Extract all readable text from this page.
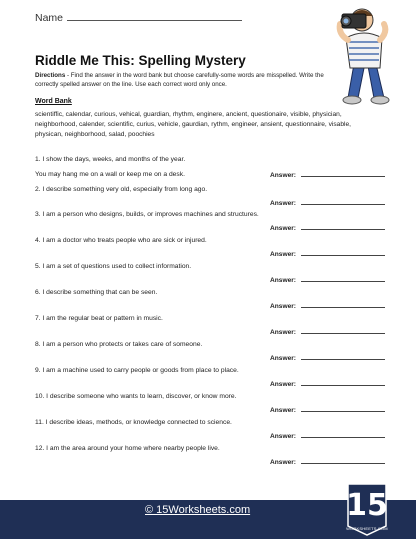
Name
Riddle Me This: Spelling Mystery
Directions - Find the answer in the word bank but choose carefully-some words are misspelled. Write the correctly spelled answer on the line. Use each correct word only once.
Word Bank
scientiffic, calendar, curious, vehical, guardian, rhythm, enginere, ancient, questionaire, visible, physician, neighborhood, calender, scientific, curius, vehicle, gaurdian, rythm, engineer, ansient, questionnaire, visable, physican, neighborhood, salad, poochies
1. I show the days, weeks, and months of the year.
You may hang me on a wall or keep me on a desk.	Answer:
2. I describe something very old, especially from long ago.
Answer:
3. I am a person who designs, builds, or improves machines and structures.
Answer:
4. I am a doctor who treats people who are sick or injured.
Answer:
5. I am a set of questions used to collect information.
Answer:
6. I describe something that can be seen.
Answer:
7. I am the regular beat or pattern in music.
Answer:
8. I am a person who protects or takes care of someone.
Answer:
9. I am a machine used to carry people or goods from place to place.
Answer:
10. I describe someone who wants to learn, discover, or know more.
Answer:
11. I describe ideas, methods, or knowledge connected to science.
Answer:
12. I am the area around your home where nearby people live.
Answer:
© 15Worksheets.com	15
WORKSHEETS.COM
